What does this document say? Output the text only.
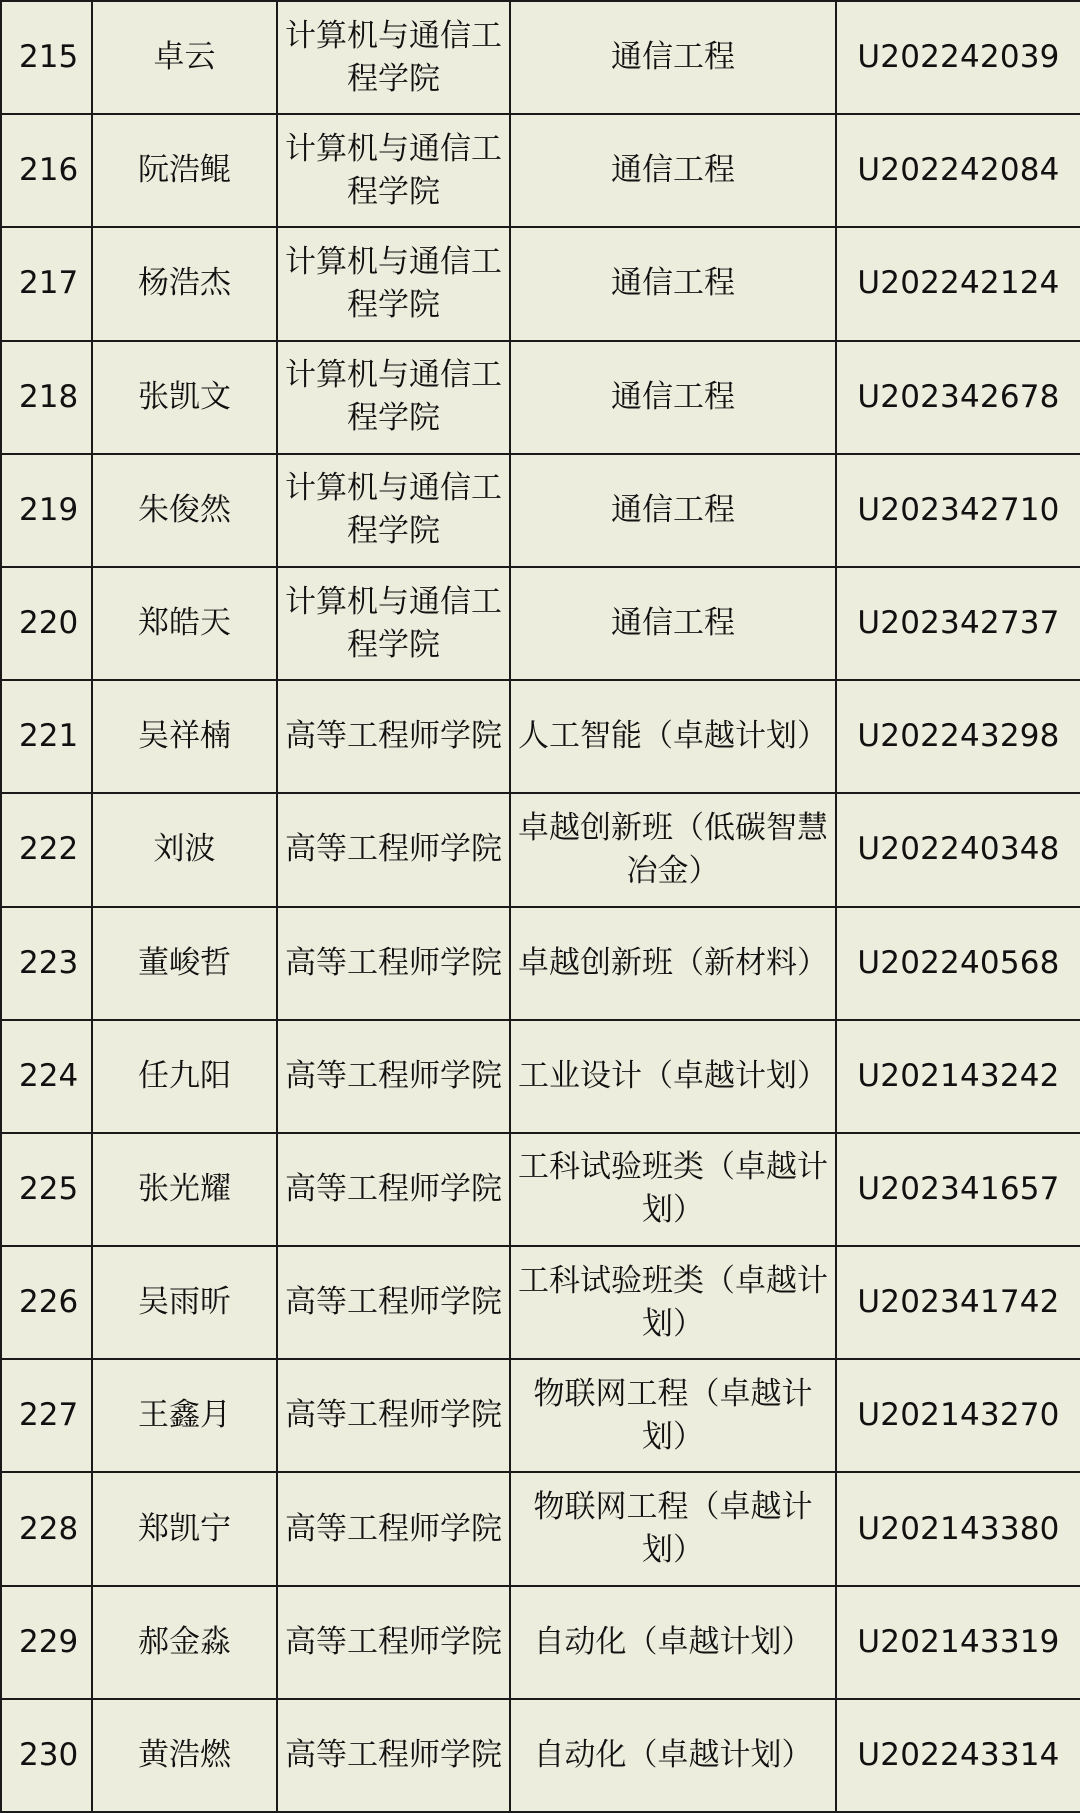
215	卓云	计算机与通信工程学院	通信工程	U202242039
216	阮浩鲲	计算机与通信工程学院	通信工程	U202242084
217	杨浩杰	计算机与通信工程学院	通信工程	U202242124
218	张凯文	计算机与通信工程学院	通信工程	U202342678
219	朱俊然	计算机与通信工程学院	通信工程	U202342710
220	郑皓天	计算机与通信工程学院	通信工程	U202342737
221	吴祥楠	高等工程师学院	人工智能（卓越计划）	U202243298
222	刘波	高等工程师学院	卓越创新班（低碳智慧冶金）	U202240348
223	董峻哲	高等工程师学院	卓越创新班（新材料）	U202240568
224	任九阳	高等工程师学院	工业设计（卓越计划）	U202143242
225	张光耀	高等工程师学院	工科试验班类（卓越计划）	U202341657
226	吴雨昕	高等工程师学院	工科试验班类（卓越计划）	U202341742
227	王鑫月	高等工程师学院	物联网工程（卓越计划）	U202143270
228	郑凯宁	高等工程师学院	物联网工程（卓越计划）	U202143380
229	郝金淼	高等工程师学院	自动化（卓越计划）	U202143319
230	黄浩燃	高等工程师学院	自动化（卓越计划）	U202243314
